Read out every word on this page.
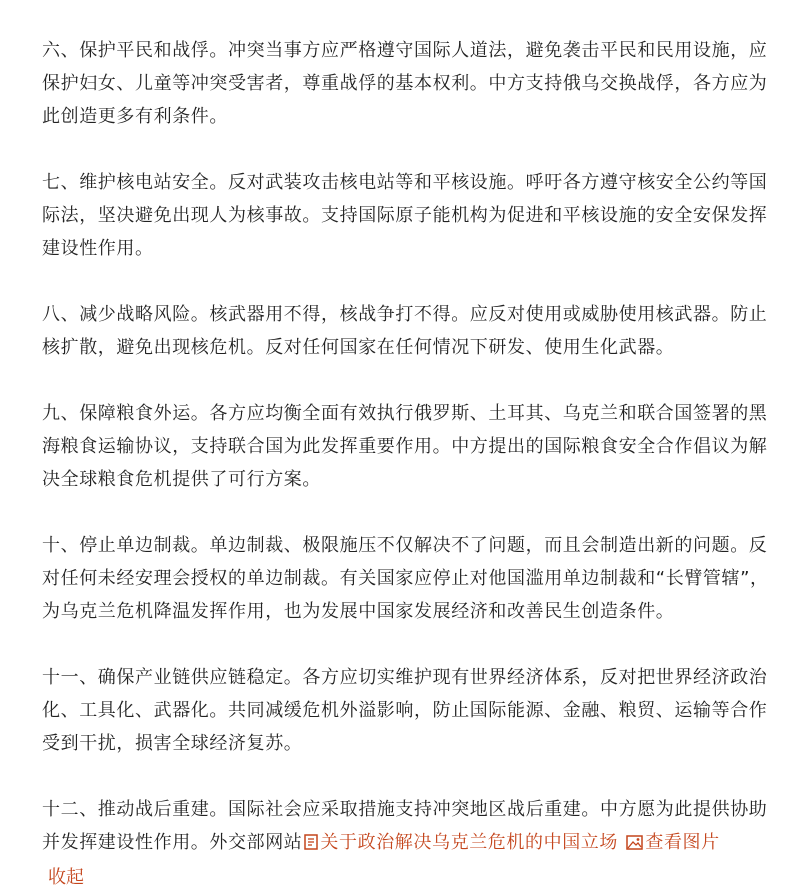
六、保护平民和战俘。冲突当事方应严格遵守国际人道法，避免袭击平民和民用设施，应保护妇女、儿童等冲突受害者，尊重战俘的基本权利。中方支持俄乌交换战俘，各方应为此创造更多有利条件。

七、维护核电站安全。反对武装攻击核电站等和平核设施。呼吁各方遵守核安全公约等国际法，坚决避免出现人为核事故。支持国际原子能机构为促进和平核设施的安全安保发挥建设性作用。

八、减少战略风险。核武器用不得，核战争打不得。应反对使用或威胁使用核武器。防止核扩散，避免出现核危机。反对任何国家在任何情况下研发、使用生化武器。

九、保障粮食外运。各方应均衡全面有效执行俄罗斯、土耳其、乌克兰和联合国签署的黑海粮食运输协议，支持联合国为此发挥重要作用。中方提出的国际粮食安全合作倡议为解决全球粮食危机提供了可行方案。

十、停止单边制裁。单边制裁、极限施压不仅解决不了问题，而且会制造出新的问题。反对任何未经安理会授权的单边制裁。有关国家应停止对他国滥用单边制裁和“长臂管辖”，为乌克兰危机降温发挥作用，也为发展中国家发展经济和改善民生创造条件。

十一、确保产业链供应链稳定。各方应切实维护现有世界经济体系，反对把世界经济政治化、工具化、武器化。共同减缓危机外溢影响，防止国际能源、金融、粮贸、运输等合作受到干扰，损害全球经济复苏。

十二、推动战后重建。国际社会应采取措施支持冲突地区战后重建。中方愿为此提供协助并发挥建设性作用。外交部网站 关于政治解决乌克兰危机的中国立场 查看图片

收起
